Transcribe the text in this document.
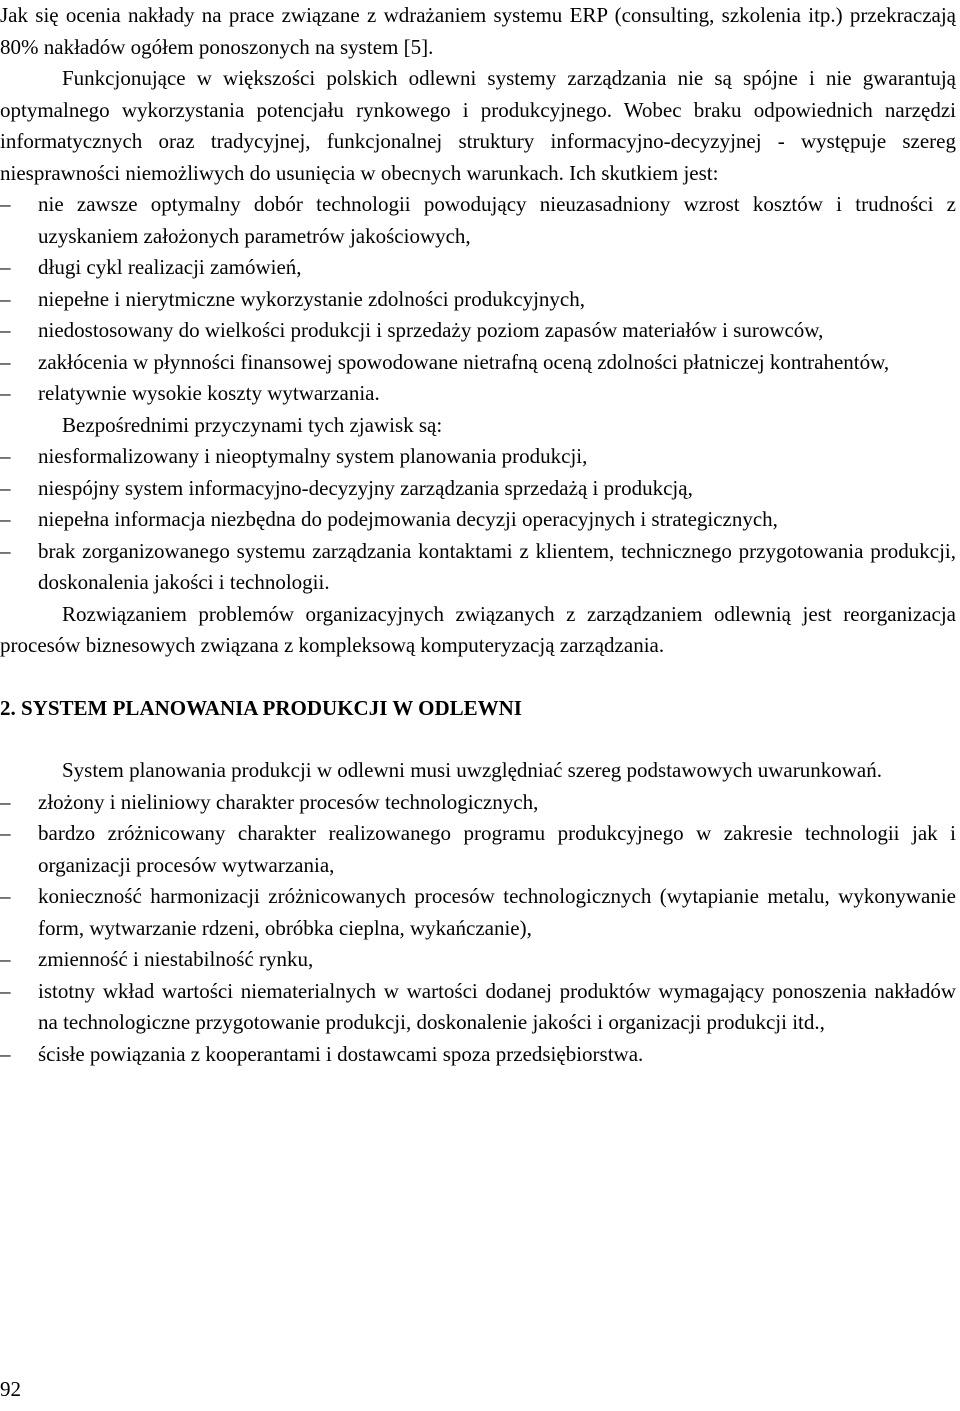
Jak się ocenia nakłady na prace związane z wdrażaniem systemu ERP (consulting, szkolenia itp.) przekraczają 80% nakładów ogółem ponoszonych na system [5].

Funkcjonujące w większości polskich odlewni systemy zarządzania nie są spójne i nie gwarantują optymalnego wykorzystania potencjału rynkowego i produkcyjnego. Wobec braku odpowiednich narzędzi informatycznych oraz tradycyjnej, funkcjonalnej struktury informacyjno-decyzyjnej - występuje szereg niesprawności niemożliwych do usunięcia w obecnych warunkach. Ich skutkiem jest:

– nie zawsze optymalny dobór technologii powodujący nieuzasadniony wzrost kosztów i trudności z uzyskaniem założonych parametrów jakościowych,
– długi cykl realizacji zamówień,
– niepełne i nierytmiczne wykorzystanie zdolności produkcyjnych,
– niedostosowany do wielkości produkcji i sprzedaży poziom zapasów materiałów i surowców,
– zakłócenia w płynności finansowej spowodowane nietrafną oceną zdolności płatniczej kontrahentów,
– relatywnie wysokie koszty wytwarzania.

Bezpośrednimi przyczynami tych zjawisk są:

– niesformalizowany i nieoptymalny system planowania produkcji,
– niespójny system informacyjno-decyzyjny zarządzania sprzedażą i produkcją,
– niepełna informacja niezbędna do podejmowania decyzji operacyjnych i strategicznych,
– brak zorganizowanego systemu zarządzania kontaktami z klientem, technicznego przygotowania produkcji, doskonalenia jakości i technologii.

Rozwiązaniem problemów organizacyjnych związanych z zarządzaniem odlewnią jest reorganizacja procesów biznesowych związana z kompleksową komputeryzacją zarządzania.

2. SYSTEM PLANOWANIA PRODUKCJI W ODLEWNI

System planowania produkcji w odlewni musi uwzględniać szereg podstawowych uwarunkowań.

– złożony i nieliniowy charakter procesów technologicznych,
– bardzo zróżnicowany charakter realizowanego programu produkcyjnego w zakresie technologii jak i organizacji procesów wytwarzania,
– konieczność harmonizacji zróżnicowanych procesów technologicznych (wytapianie metalu, wykonywanie form, wytwarzanie rdzeni, obróbka cieplna, wykańczanie),
– zmienność i niestabilność rynku,
– istotny wkład wartości niematerialnych w wartości dodanej produktów wymagający ponoszenia nakładów na technologiczne przygotowanie produkcji, doskonalenie jakości i organizacji produkcji itd.,
– ścisłe powiązania z kooperantami i dostawcami spoza przedsiębiorstwa.
92
